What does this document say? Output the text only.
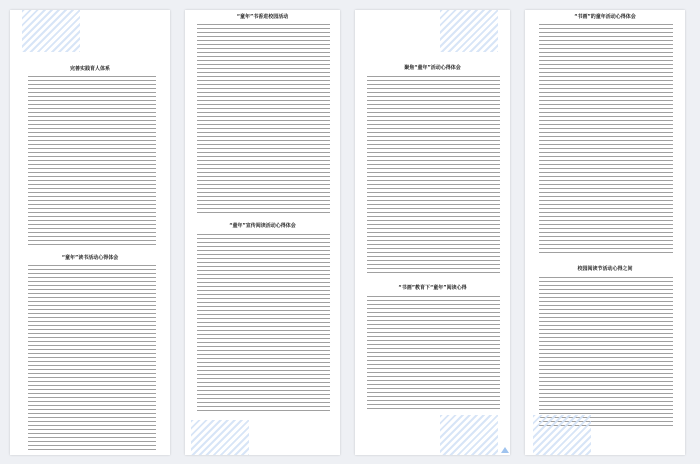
完善实践育人体系
“童年”读书活动心得体会
“童年”书香进校园活动
“童年”宣传阅读活动心得体会
聚焦“童年”活动心得体会
“书画”教育下“童年”阅读心得
“书画”的童年活动心得体会
校园阅读节活动心得之间
